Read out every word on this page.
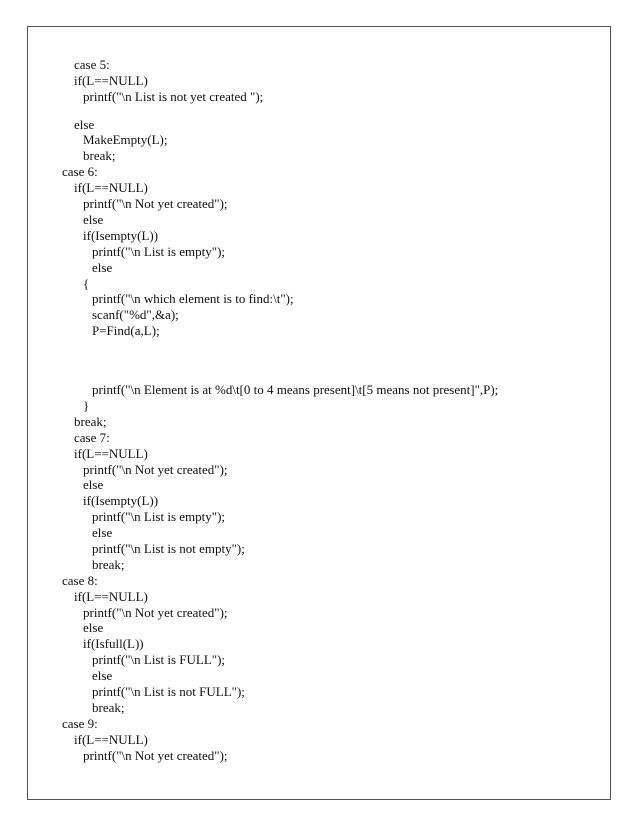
case 5:
if(L==NULL)
printf("\n List is not yet created ");
else
MakeEmpty(L);
break;
case 6:
if(L==NULL)
printf("\n Not yet created");
else
if(Isempty(L))
printf("\n List is empty");
else
{
printf("\n which element is to find:\t");
scanf("%d",&a);
P=Find(a,L);
printf("\n Element is at %d\t[0 to 4 means present]\t[5 means not present]",P);
}
break;
case 7:
if(L==NULL)
printf("\n Not yet created");
else
if(Isempty(L))
printf("\n List is empty");
else
printf("\n List is not empty");
break;
case 8:
if(L==NULL)
printf("\n Not yet created");
else
if(Isfull(L))
printf("\n List is FULL");
else
printf("\n List is not FULL");
break;
case 9:
if(L==NULL)
printf("\n Not yet created");
